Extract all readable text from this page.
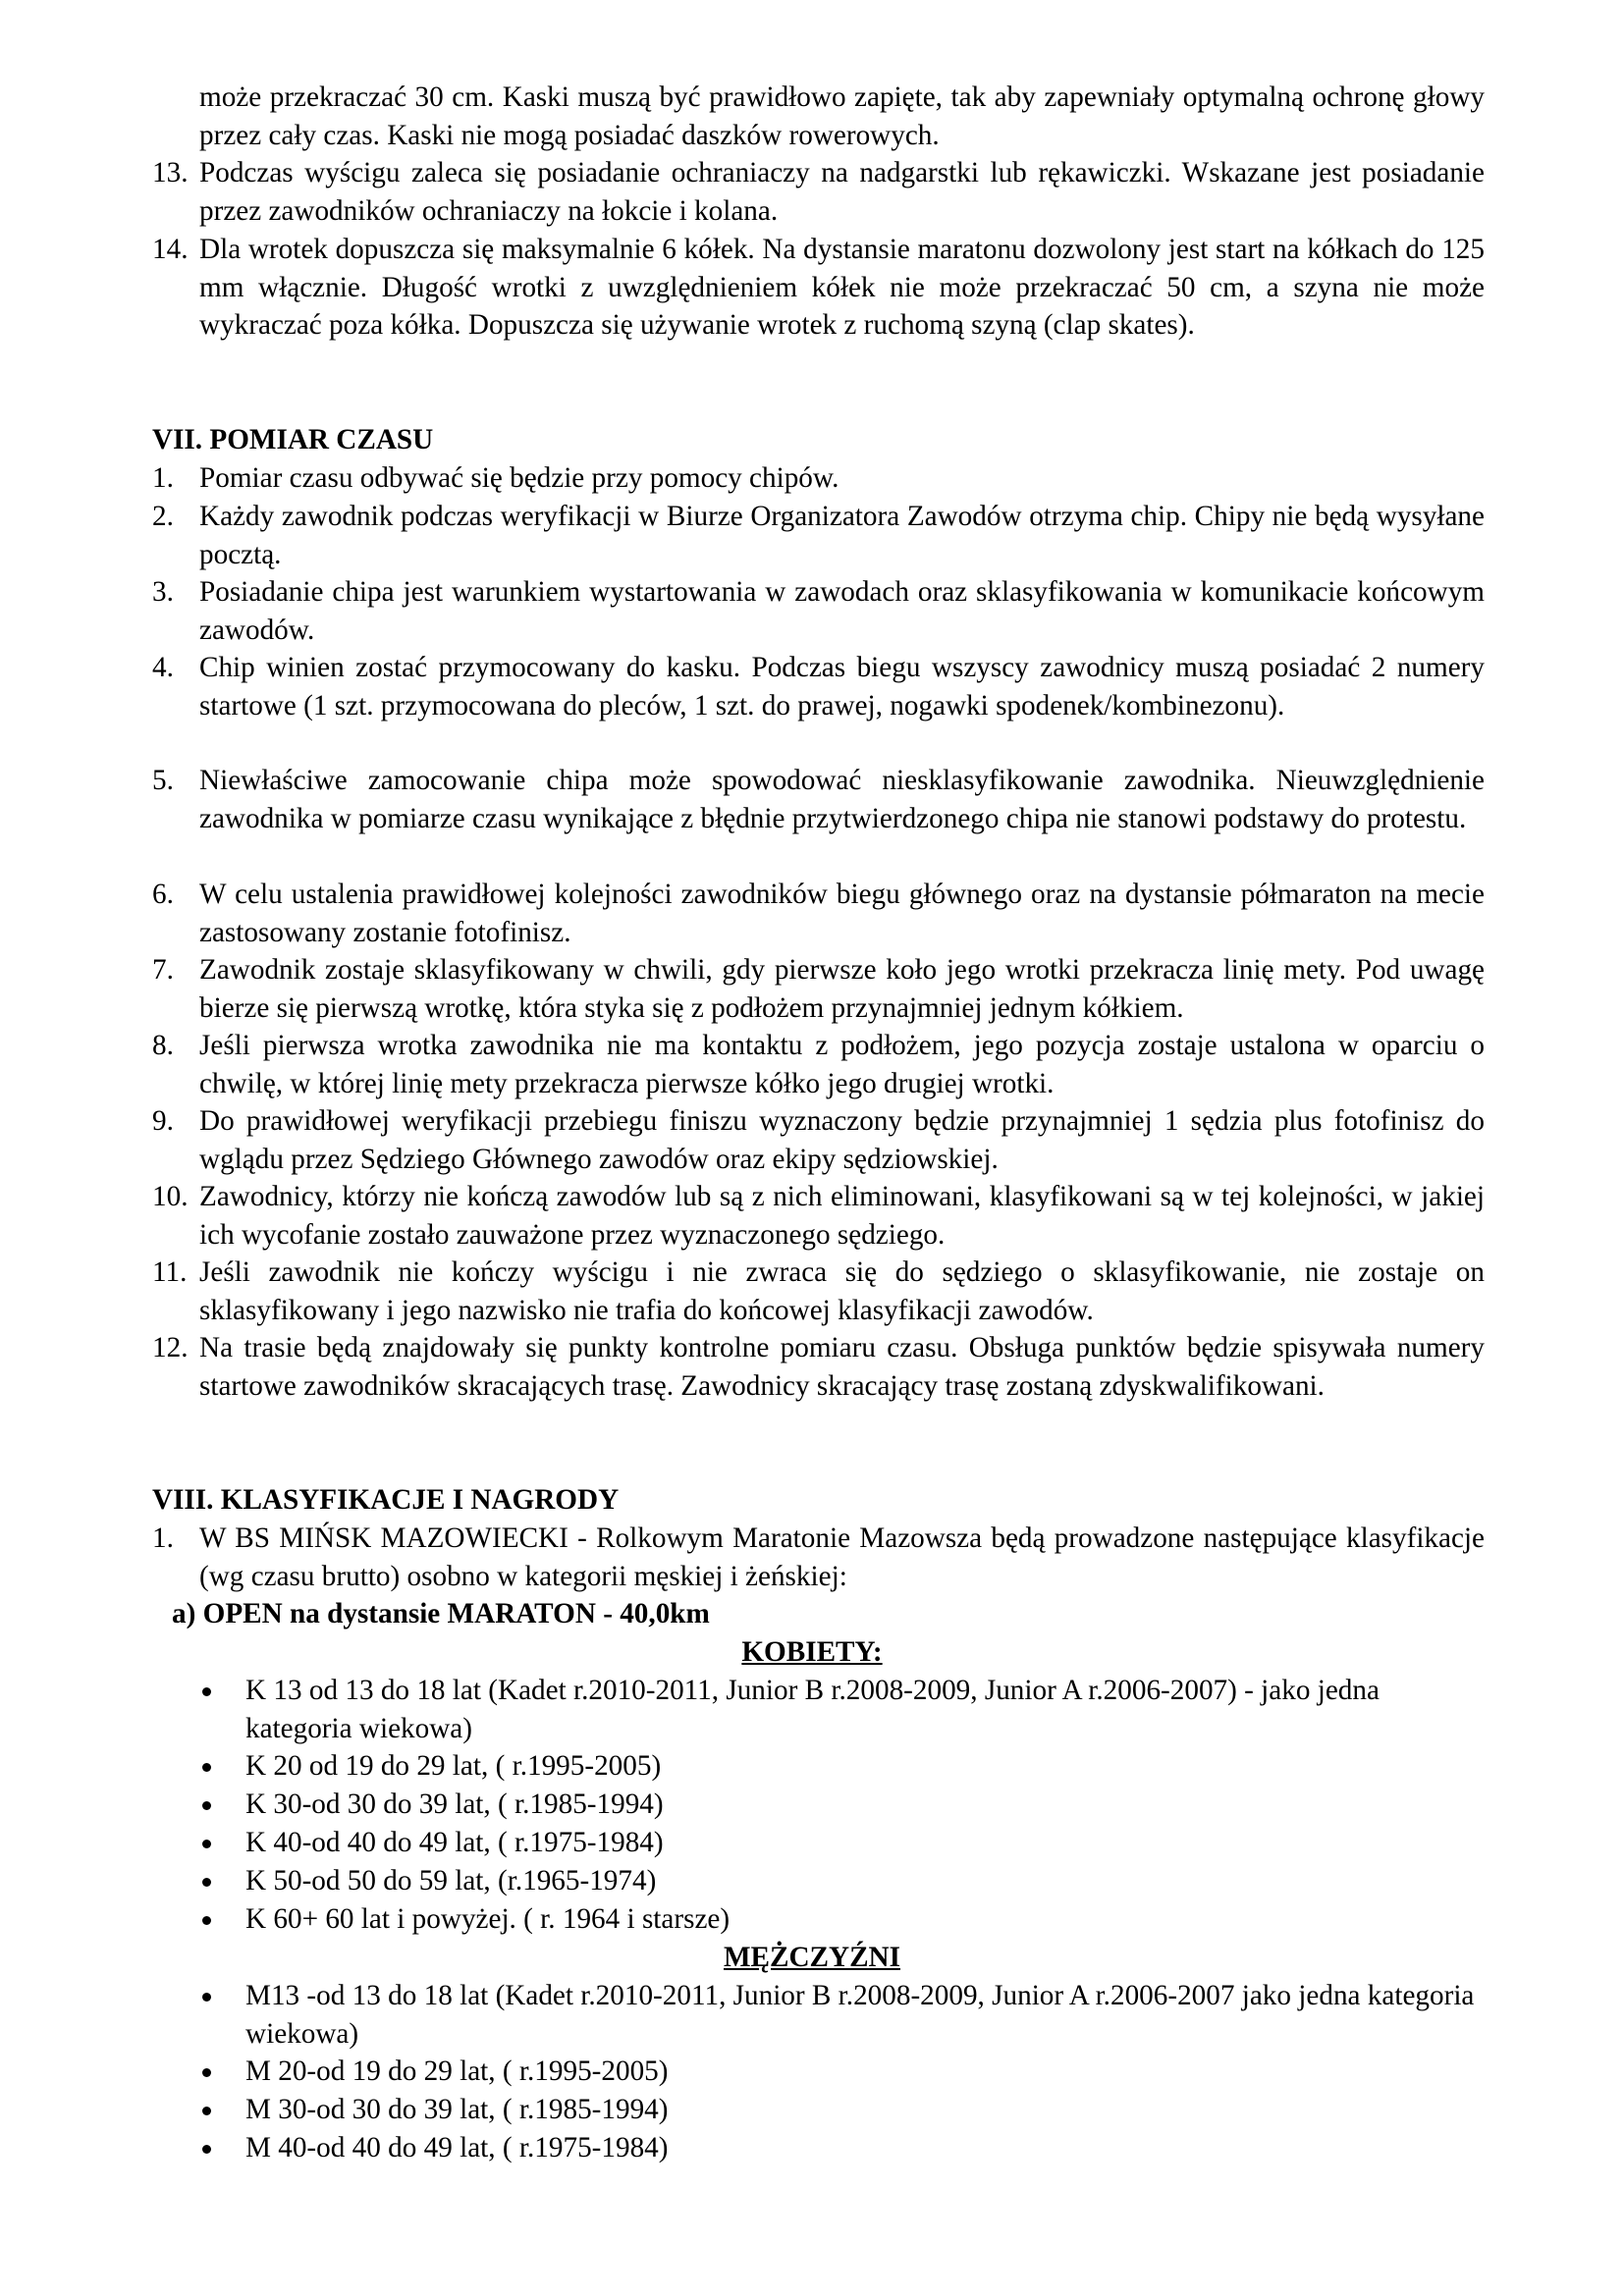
może przekraczać 30 cm. Kaski muszą być prawidłowo zapięte, tak aby zapewniały optymalną ochronę głowy przez cały czas. Kaski nie mogą posiadać daszków rowerowych.
13. Podczas wyścigu zaleca się posiadanie ochraniaczy na nadgarstki lub rękawiczki. Wskazane jest posiadanie przez zawodników ochraniaczy na łokcie i kolana.
14. Dla wrotek dopuszcza się maksymalnie 6 kółek. Na dystansie maratonu dozwolony jest start na kółkach do 125 mm włącznie. Długość wrotki z uwzględnieniem kółek nie może przekraczać 50 cm, a szyna nie może wykraczać poza kółka. Dopuszcza się używanie wrotek z ruchomą szyną (clap skates).
VII. POMIAR CZASU
1. Pomiar czasu odbywać się będzie przy pomocy chipów.
2. Każdy zawodnik podczas weryfikacji w Biurze Organizatora Zawodów otrzyma chip. Chipy nie będą wysyłane pocztą.
3. Posiadanie chipa jest warunkiem wystartowania w zawodach oraz sklasyfikowania w komunikacie końcowym zawodów.
4. Chip winien zostać przymocowany do kasku. Podczas biegu wszyscy zawodnicy muszą posiadać 2 numery startowe (1 szt. przymocowana do pleców, 1 szt. do prawej, nogawki spodenek/kombinezonu).
5. Niewłaściwe zamocowanie chipa może spowodować niesklasyfikowanie zawodnika. Nieuwzględnienie zawodnika w pomiarze czasu wynikające z błędnie przytwierdzonego chipa nie stanowi podstawy do protestu.
6. W celu ustalenia prawidłowej kolejności zawodników biegu głównego oraz na dystansie półmaraton na mecie zastosowany zostanie fotofinisz.
7. Zawodnik zostaje sklasyfikowany w chwili, gdy pierwsze koło jego wrotki przekracza linię mety. Pod uwagę bierze się pierwszą wrotkę, która styka się z podłożem przynajmniej jednym kółkiem.
8. Jeśli pierwsza wrotka zawodnika nie ma kontaktu z podłożem, jego pozycja zostaje ustalona w oparciu o chwilę, w której linię mety przekracza pierwsze kółko jego drugiej wrotki.
9. Do prawidłowej weryfikacji przebiegu finiszu wyznaczony będzie przynajmniej 1 sędzia plus fotofinisz do wglądu przez Sędziego Głównego zawodów oraz ekipy sędziowskiej.
10. Zawodnicy, którzy nie kończą zawodów lub są z nich eliminowani, klasyfikowani są w tej kolejności, w jakiej ich wycofanie zostało zauważone przez wyznaczonego sędziego.
11. Jeśli zawodnik nie kończy wyścigu i nie zwraca się do sędziego o sklasyfikowanie, nie zostaje on sklasyfikowany i jego nazwisko nie trafia do końcowej klasyfikacji zawodów.
12. Na trasie będą znajdowały się punkty kontrolne pomiaru czasu. Obsługa punktów będzie spisywała numery startowe zawodników skracających trasę. Zawodnicy skracający trasę zostaną zdyskwalifikowani.
VIII. KLASYFIKACJE I NAGRODY
1. W BS MIŃSK MAZOWIECKI - Rolkowym Maratonie Mazowsza będą prowadzone następujące klasyfikacje (wg czasu brutto) osobno w kategorii męskiej i żeńskiej:
a) OPEN na dystansie MARATON - 40,0km
KOBIETY:
K 13 od 13 do 18 lat (Kadet r.2010-2011, Junior B r.2008-2009, Junior A r.2006-2007) - jako jedna kategoria wiekowa)
K 20 od 19 do 29 lat, ( r.1995-2005)
K 30-od 30 do 39 lat, ( r.1985-1994)
K 40-od 40 do 49 lat, ( r.1975-1984)
K 50-od 50 do 59 lat, (r.1965-1974)
K 60+ 60 lat i powyżej. ( r. 1964 i starsze)
MĘŻCZYŹNI
M13 -od 13 do 18 lat (Kadet r.2010-2011, Junior B r.2008-2009, Junior A r.2006-2007 jako jedna kategoria wiekowa)
M 20-od 19 do 29 lat, ( r.1995-2005)
M 30-od 30 do 39 lat, ( r.1985-1994)
M 40-od 40 do 49 lat, ( r.1975-1984)
